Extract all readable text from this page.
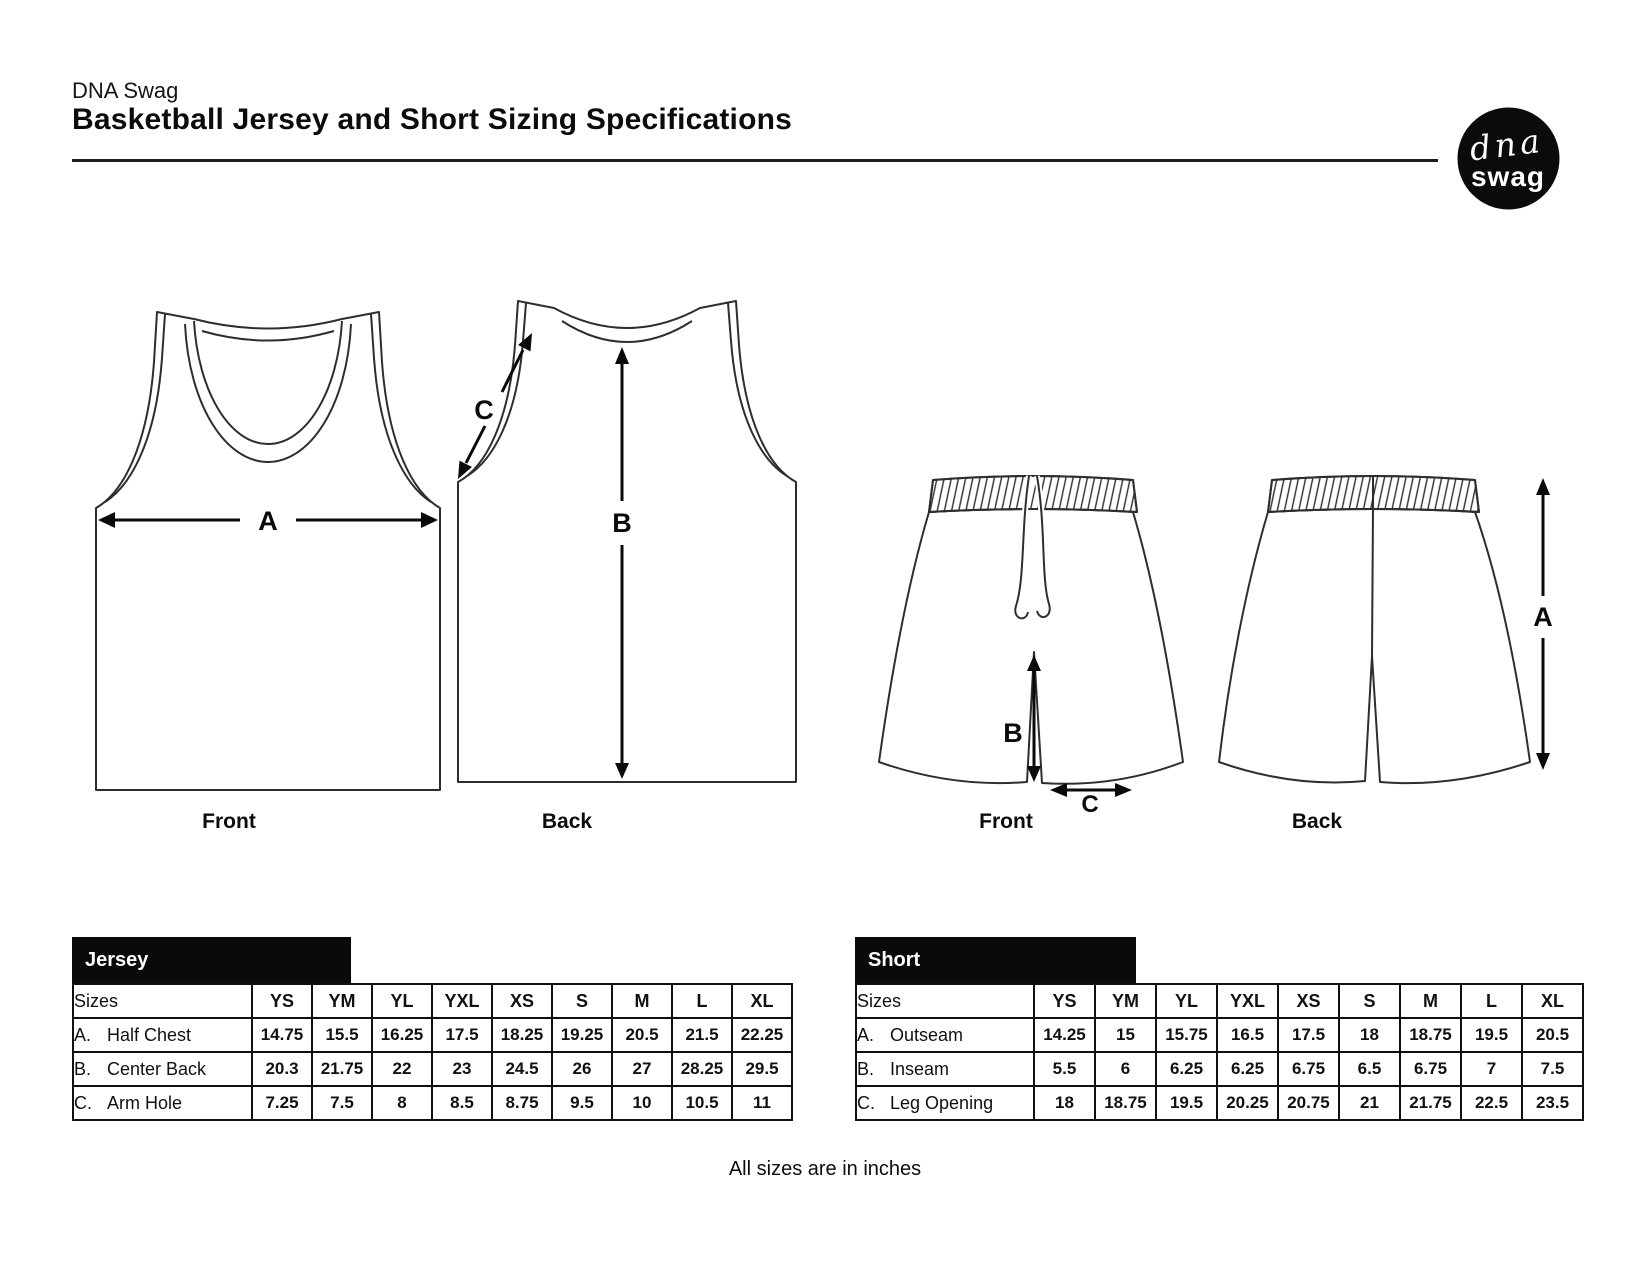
DNA Swag
Basketball Jersey and Short Sizing Specifications
dna
swag
A	B
C
B
C
A
Front	Back	Front	Back
Jersey
Sizes	YS	YM	YL	YXL	XS	S	M	L	XL
A. Half Chest	14.75	15.5	16.25	17.5	18.25	19.25	20.5	21.5	22.25
B. Center Back	20.3	21.75	22	23	24.5	26	27	28.25	29.5
C. Arm Hole	7.25	7.5	8	8.5	8.75	9.5	10	10.5	11
Short
Sizes	YS	YM	YL	YXL	XS	S	M	L	XL
A. Outseam	14.25	15	15.75	16.5	17.5	18	18.75	19.5	20.5
B. Inseam	5.5	6	6.25	6.25	6.75	6.5	6.75	7	7.5
C. Leg Opening	18	18.75	19.5	20.25	20.75	21	21.75	22.5	23.5
All sizes are in inches
